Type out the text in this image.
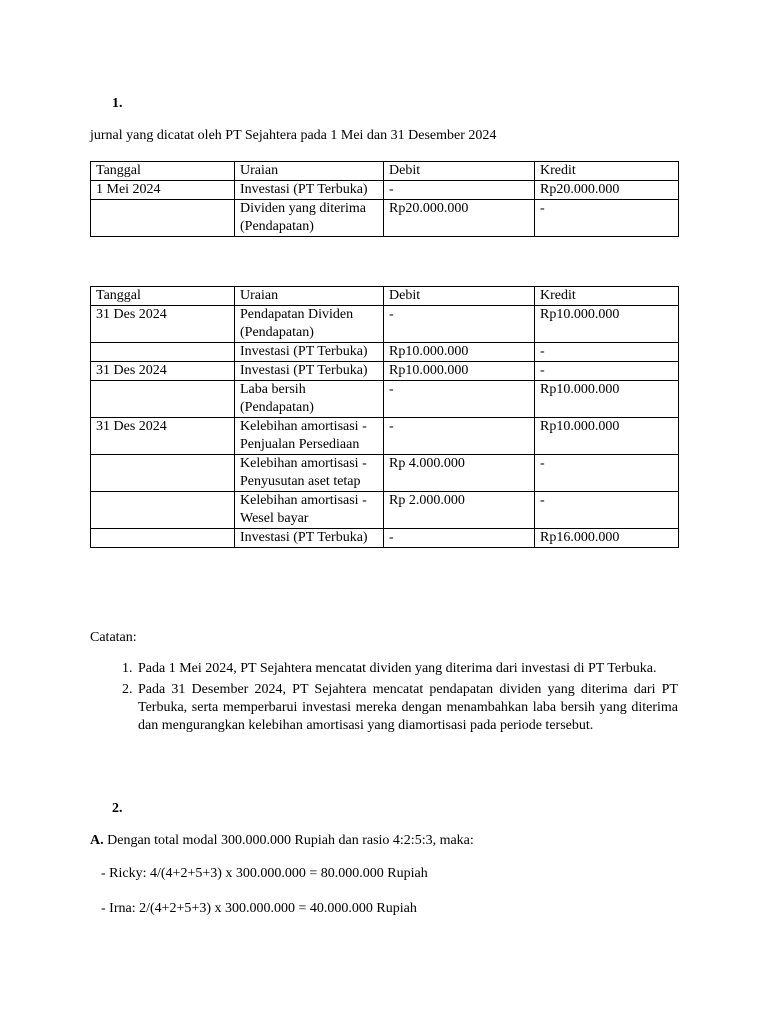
1.
jurnal yang dicatat oleh PT Sejahtera pada 1 Mei dan 31 Desember 2024
Tanggal	Uraian	Debit	Kredit
1 Mei 2024	Investasi (PT Terbuka)	-	Rp20.000.000
	Dividen yang diterima (Pendapatan)	Rp20.000.000	-
Tanggal	Uraian	Debit	Kredit
31 Des 2024	Pendapatan Dividen (Pendapatan)	-	Rp10.000.000
	Investasi (PT Terbuka)	Rp10.000.000	-
31 Des 2024	Investasi (PT Terbuka)	Rp10.000.000	-
	Laba bersih (Pendapatan)	-	Rp10.000.000
31 Des 2024	Kelebihan amortisasi - Penjualan Persediaan	-	Rp10.000.000
	Kelebihan amortisasi - Penyusutan aset tetap	Rp 4.000.000	-
	Kelebihan amortisasi - Wesel bayar	Rp 2.000.000	-
	Investasi (PT Terbuka)	-	Rp16.000.000
Catatan:
1. Pada 1 Mei 2024, PT Sejahtera mencatat dividen yang diterima dari investasi di PT Terbuka.
2. Pada 31 Desember 2024, PT Sejahtera mencatat pendapatan dividen yang diterima dari PT Terbuka, serta memperbarui investasi mereka dengan menambahkan laba bersih yang diterima dan mengurangkan kelebihan amortisasi yang diamortisasi pada periode tersebut.
2.
A. Dengan total modal 300.000.000 Rupiah dan rasio 4:2:5:3, maka:
- Ricky: 4/(4+2+5+3) x 300.000.000 = 80.000.000 Rupiah
- Irna: 2/(4+2+5+3) x 300.000.000 = 40.000.000 Rupiah
